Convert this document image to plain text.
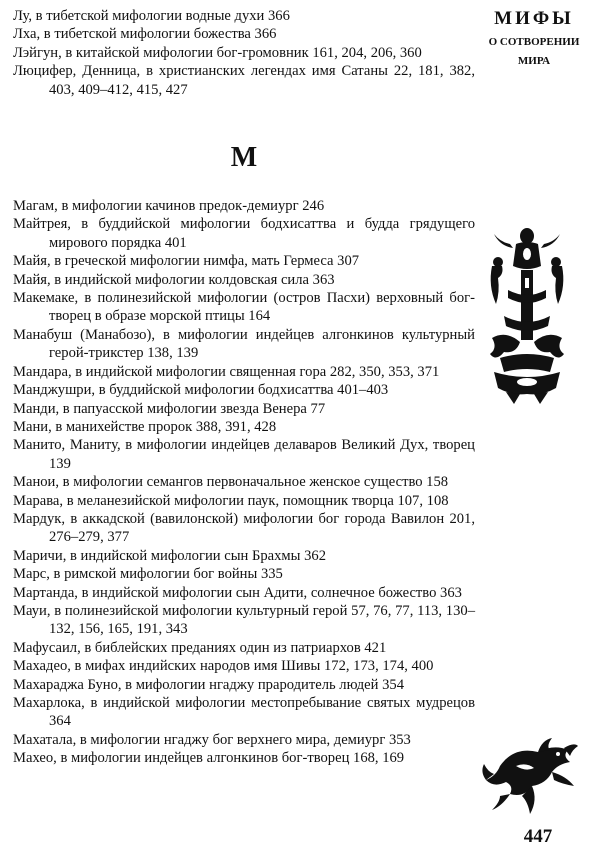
Лу, в тибетской мифологии водные духи 366
Лха, в тибетской мифологии божества 366
Лэйгун, в китайской мифологии бог-громовник 161, 204, 206, 360
Люцифер, Денница, в христианских легендах имя Сатаны 22, 181, 382, 403, 409–412, 415, 427
М
Магам, в мифологии качинов предок-демиург 246
Майтрея, в буддийской мифологии бодхисаттва и будда грядущего мирового порядка 401
Майя, в греческой мифологии нимфа, мать Гермеса 307
Майя, в индийской мифологии колдовская сила 363
Макемаке, в полинезийской мифологии (остров Пасхи) верховный бог-творец в образе морской птицы 164
Манабуш (Манабозо), в мифологии индейцев алгонкинов культурный герой-трикстер 138, 139
Мандара, в индийской мифологии священная гора 282, 350, 353, 371
Манджушри, в буддийской мифологии бодхисаттва 401–403
Манди, в папуасской мифологии звезда Венера 77
Мани, в манихействе пророк 388, 391, 428
Манито, Маниту, в мифологии индейцев делаваров Великий Дух, творец 139
Манои, в мифологии семангов первоначальное женское существо 158
Марава, в меланезийской мифологии паук, помощник творца 107, 108
Мардук, в аккадской (вавилонской) мифологии бог города Вавилон 201, 276–279, 377
Маричи, в индийской мифологии сын Брахмы 362
Марс, в римской мифологии бог войны 335
Мартанда, в индийской мифологии сын Адити, солнечное божество 363
Мауи, в полинезийской мифологии культурный герой 57, 76, 77, 113, 130–132, 156, 165, 191, 343
Мафусаил, в библейских преданиях один из патриархов 421
Махадео, в мифах индийских народов имя Шивы 172, 173, 174, 400
Махараджа Буно, в мифологии нгаджу прародитель людей 354
Махарлока, в индийской мифологии местопребывание святых мудрецов 364
Махатала, в мифологии нгаджу бог верхнего мира, демиург 353
Махео, в мифологии индейцев алгонкинов бог-творец 168, 169
МИФЫ
О СОТВОРЕНИИ
МИРА
447
